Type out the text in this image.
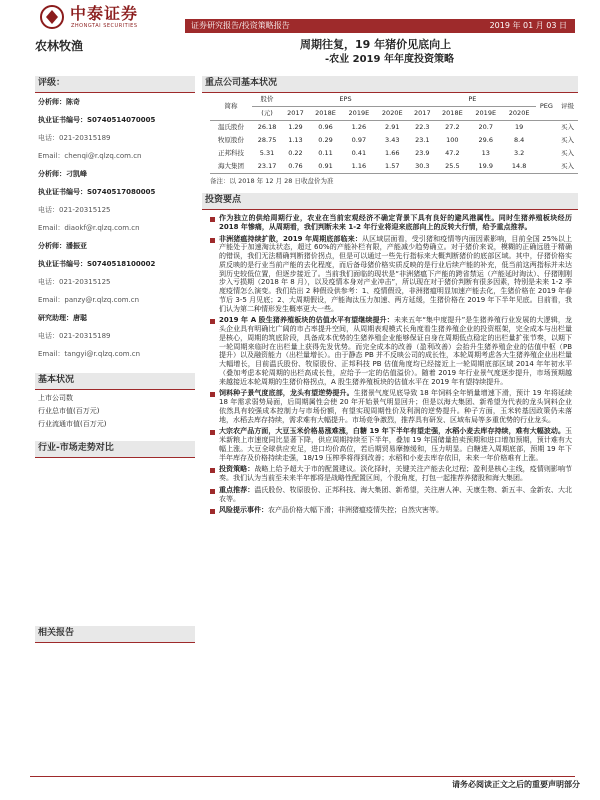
中泰证券
ZHONGTAI SECURITIES	证券研究报告/投资策略报告	2019 年 01 月 03 日
农林牧渔	周期往复，19 年猪价见底向上
-农业 2019 年年度投资策略
评级：
分析师：陈奇
执业证书编号：S0740514070005
电话：021-20315189
Email：chenqi@r.qlzq.com.cn
分析师：刁凯峰
执业证书编号：S0740517080005
电话：021-20315125
Email：diaokf@r.qlzq.com.cn
分析师：潘振亚
执业证书编号：S0740518100002
电话：021-20315125
Email：panzy@r.qlzq.com.cn
研究助理：唐聪
电话：021-20315189
Email：tangyi@r.qlzq.com.cn
基本状况
上市公司数
行业总市值(百万元)
行业流通市值(百万元)
行业-市场走势对比
相关报告
重点公司基本状况
简称	股价	EPS				PE				PEG	评级
	(元)	2017	2018E	2019E	2020E	2017	2018E	2019E	2020E		
温氏股份	26.18	1.29	0.96	1.26	2.91	22.3	27.2	20.7	19		买入
牧原股份	28.75	1.13	0.29	0.97	3.43	23.1	100	29.6	8.4		买入
正邦科技	5.31	0.22	0.11	0.41	1.66	23.9	47.2	13	3.2		买入
海大集团	23.17	0.76	0.91	1.16	1.57	30.3	25.5	19.9	14.8		买入
备注：以 2018 年 12 月 28 日收盘价为准
投资要点
作为独立的供给周期行业，农业在当前宏观经济不确定背景下具有良好的避风港属性。同时生猪养殖板块经历 2018 年惨痛，从周期看，我们判断未来 1-2 年行业将迎来底部向上的反转大行情，给予重点推荐。
非洲猪瘟持续扩散，2019 年周期底部临来：从区域层面看，受引猪和疫情等内面因素影响，目前全国 25%以上产能处于加速淘汰状态，超过 60%的产能补栏有限，产能减少趋势确立。对于猪价来说，模糊的正确远胜于精确的错误，我们无法精确判断猪价拐点，但是可以通过一些先行指标来大概判断猪价的底部区域。其中，仔猪价格实质反映的是行业当前产能的去化程度，而后备母猪价格实质反映的是行业后续产能的补充，低当前这两指标并未达到历史较低位置，但逐步接近了。当前我们面临的现状是“非洲猪瘟下产能的跨省禁运（产能延时淘汰）、仔猪刚刚步入亏损期（2018 年 8 月），以及疫情本身对产业冲击”，所以现在对于猪价判断有很多因素，特别是未来 1-2 季度疫情怎么演变。我们给出 2 种假设供参考：1、疫情假设，非洲猪瘟明显加速产能去化，生猪价格在 2019 年春节后 3-5 月见底；2、大周期假设，产能淘汰压力加速、两方延缓，生猪价格在 2019 年下半年见底。目前看，我们认为第二种情形发生概率更大一些。
2019 年 A 股生猪养殖板块的估值水平有望继续提升：未来五年“集中度提升”是生猪养殖行业发展的大逻辑，龙头企业具有明确比广阔的市占率提升空间，从周期表观模式长角度看生猪养殖企业的投资框架，完全成本与出栏量是核心，周期的筑底阶段，具备成本优势的生猪养殖企业能够保证自身在周期低点稳定的出栏量扩张节奏，以期下一轮周期来临时在出栏量上获得先发优势。而完全成本的改善（盈利改善）会抬升生猪养殖企业的估值中枢（PB 提升）以及融资能力（出栏量增长）。由于静态 PB 并不反映公司的成长性，本轮周期考虑各大生猪养殖企业出栏量大幅增长，目前温氏股份、牧原股份、正邦科技 PB 估值角度均已经接近上一轮周期底部区域 2014 年年初水平（叠加考虑本轮周期的出栏高成长性，应给予一定的估值溢价）。随着 2019 年行业景气度逐步提升，市场预期越来越接近本轮周期的生猪价格拐点，A 股生猪养殖板块的估值水平在 2019 年有望持续提升。
饲料种子景气度底部，龙头有望逆势提升。生猪景气度见底导致 18 年饲料全年销量增速下滑，预计 19 年将延续 18 年需求弱势局面，后周期属性会使 20 年开始景气明显回升；但是以海大集团、新希望为代表的龙头饲料企业依然具有较强成本控制力与市场份额，有望实现周期性价及利润的逆势提升。种子方面，玉米转基因政策仍未落地，水稻去库存持续，需求难有大幅提升。市场竞争激烈，推荐具有研发、区域布局等多重优势的行业龙头。
大宗农产品方面，大豆玉米价格易涨难涨，白糖 19 年下半年有望走强，水稻小麦去库存持续，难有大幅波动。玉米新粮上市速度同比显著下降，供应周期持续至下半年，叠加 19 年国储量拍卖预期和进口增加预期，预计难有大幅上涨。大豆全球供应充足，进口均价高位，若后期贸易摩擦缓和，压力明显。白糖进入周期底部，预期 19 年下半年库存及价格持续走强，18/19 压榨季将得到改善；水稻和小麦去库存依旧，未来一年价格难有上涨。
投资策略：战略上给予超大于市的配置建议。淡化择时，关键关注产能去化过程；盈利是核心主线，疫情则影响节奏。我们认为当前至未来半年都将是战略性配置区间，个股角度，打包一起推荐养猪股和海大集团。
重点推荐：温氏股份、牧原股份、正邦科技、海大集团、新希望，关注唐人神、天康生物、新五丰、金新农、大北农等。
风险提示事件：农产品价格大幅下滑；非洲猪瘟疫情失控；自然灾害等。
请务必阅读正文之后的重要声明部分
